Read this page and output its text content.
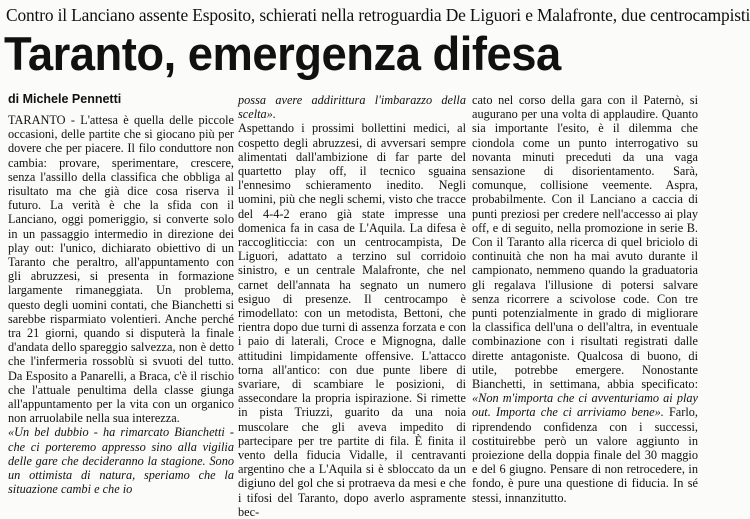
Contro il Lanciano assente Esposito, schierati nella retroguardia De Liguori e Malafronte, due centrocampisti
Taranto, emergenza difesa
di Michele Pennetti

TARANTO - L'attesa è quella delle piccole occasioni, delle partite che si giocano più per dovere che per piacere. Il filo conduttore non cambia: provare, sperimentare, crescere, senza l'assillo della classifica che obbliga al risultato ma che già dice cosa riserva il futuro. La verità è che la sfida con il Lanciano, oggi pomeriggio, si converte solo in un passaggio intermedio in direzione dei play out: l'unico, dichiarato obiettivo di un Taranto che peraltro, all'appuntamento con gli abruzzesi, si presenta in formazione largamente rimaneggiata. Un problema, questo degli uomini contati, che Bianchetti si sarebbe risparmiato volentieri. Anche perché tra 21 giorni, quando si disputerà la finale d'andata dello spareggio salvezza, non è detto che l'infermeria rossoblù si svuoti del tutto. Da Esposito a Panarelli, a Braca, c'è il rischio che l'attuale penultima della classe giunga all'appuntamento per la vita con un organico non arruolabile nella sua interezza.

«Un bel dubbio - ha rimarcato Bianchetti - che ci porteremo appresso sino alla vigilia delle gare che decideranno la stagione. Sono un ottimista di natura, speriamo che la situazione cambi e che io

possa avere addirittura l'imbarazzo della scelta».

Aspettando i prossimi bollettini medici, al cospetto degli abruzzesi, di avversari sempre alimentati dall'ambizione di far parte del quartetto play off, il tecnico sguaina l'ennesimo schieramento inedito. Negli uomini, più che negli schemi, visto che tracce del 4-4-2 erano già state impresse una domenica fa in casa de L'Aquila. La difesa è raccogliticcia: con un centrocampista, De Liguori, adattato a terzino sul corridoio sinistro, e un centrale Malafronte, che nel carnet dell'annata ha segnato un numero esiguo di presenze. Il centrocampo è rimodellato: con un metodista, Bettoni, che rientra dopo due turni di assenza forzata e con i paio di laterali, Croce e Mignogna, dalle attitudini limpidamente offensive. L'attacco torna all'antico: con due punte libere di svariare, di scambiare le posizioni, di assecondare la propria ispirazione. Si rimette in pista Triuzzi, guarito da una noia muscolare che gli aveva impedito di partecipare per tre partite di fila. È finita il vento della fiducia Vidalle, il centravanti argentino che a L'Aquila si è sbloccato da un digiuno del gol che si protraeva da mesi e che i tifosi del Taranto, dopo averlo aspramente bec-

cato nel corso della gara con il Paternò, si augurano per una volta di applaudire. Quanto sia importante l'esito, è il dilemma che ciondola come un punto interrogativo su novanta minuti preceduti da una vaga sensazione di disorientamento. Sarà, comunque, collisione veemente. Aspra, probabilmente. Con il Lanciano a caccia di punti preziosi per credere nell'accesso ai play off, e di seguito, nella promozione in serie B. Con il Taranto alla ricerca di quel briciolo di continuità che non ha mai avuto durante il campionato, nemmeno quando la graduatoria gli regalava l'illusione di potersi salvare senza ricorrere a scivolose code. Con tre punti potenzialmente in grado di migliorare la classifica dell'una o dell'altra, in eventuale combinazione con i risultati registrati dalle dirette antagoniste. Qualcosa di buono, di utile, potrebbe emergere. Nonostante Bianchetti, in settimana, abbia specificato: «Non m'importa che ci avventuriamo ai play out. Importa che ci arriviamo bene». Farlo, riprendendo confidenza con i successi, costituirebbe però un valore aggiunto in proiezione della doppia finale del 30 maggio e del 6 giugno. Pensare di non retrocedere, in fondo, è pure una questione di fiducia. In sé stessi, innanzitutto.
